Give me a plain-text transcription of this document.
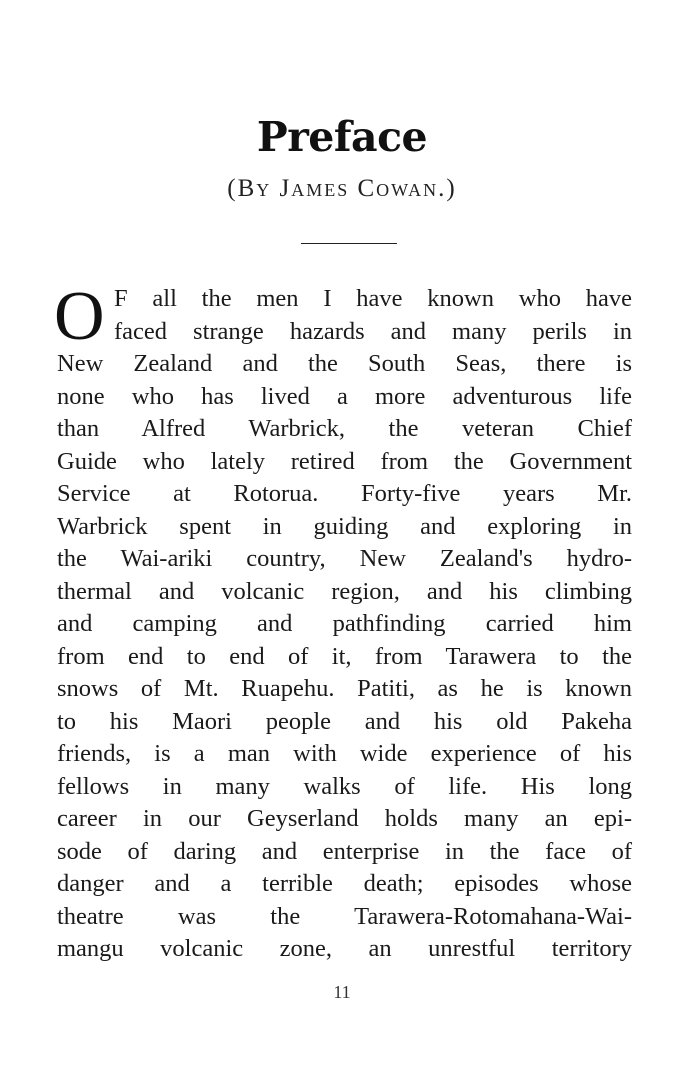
Preface
(By James Cowan.)
O F all the men I have known who have
faced strange hazards and many perils in
New Zealand and the South Seas, there is
none who has lived a more adventurous life
than Alfred Warbrick, the veteran Chief
Guide who lately retired from the Government
Service at Rotorua. Forty-five years Mr.
Warbrick spent in guiding and exploring in
the Wai-ariki country, New Zealand's hydro-
thermal and volcanic region, and his climbing
and camping and pathfinding carried him
from end to end of it, from Tarawera to the
snows of Mt. Ruapehu. Patiti, as he is known
to his Maori people and his old Pakeha
friends, is a man with wide experience of his
fellows in many walks of life. His long
career in our Geyserland holds many an epi-
sode of daring and enterprise in the face of
danger and a terrible death; episodes whose
theatre was the Tarawera-Rotomahana-Wai-
mangu volcanic zone, an unrestful territory
11
